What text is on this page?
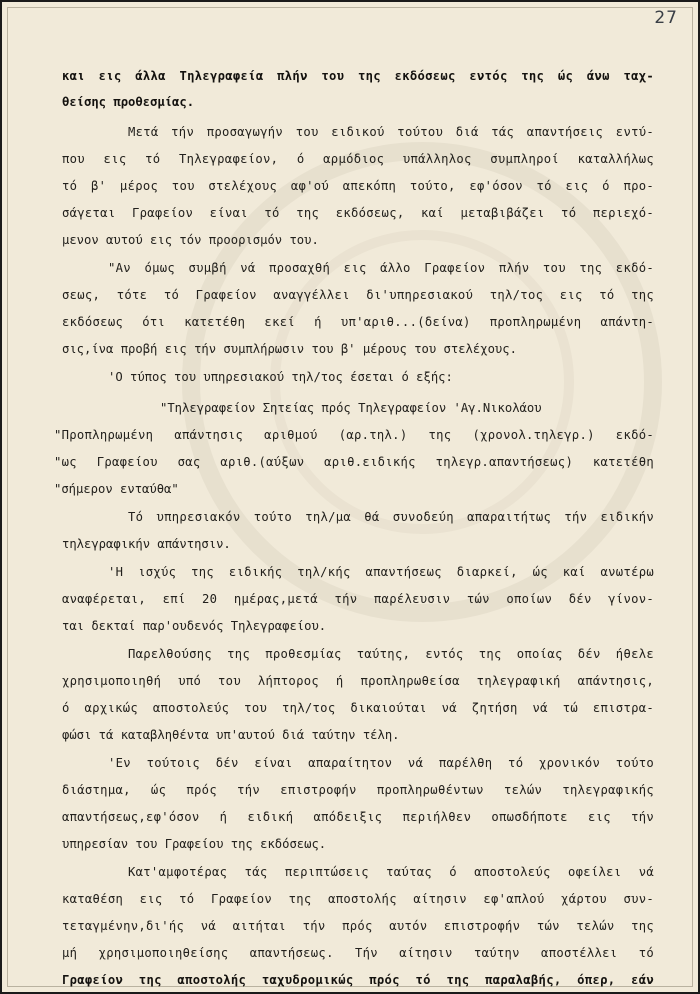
27
και εις άλλα Τηλεγραφεία πλήν του της εκδόσεως εντός της ώς άνω ταχ-
θείσης προθεσμίας.
Μετά τήν προσαγωγήν του ειδικού τούτου διά τάς απαντήσεις εντύ-
που εις τό Τηλεγραφείον, ό αρμόδιος υπάλληλος συμπληροί καταλλήλως
τό β' μέρος του στελέχους αφ'ού απεκόπη τούτο, εφ'όσον τό εις ό προ-
σάγεται Γραφείον είναι τό της εκδόσεως, καί μεταβιβάζει τό περιεχό-
μενον αυτού εις τόν προορισμόν του.
"Αν όμως συμβή νά προσαχθή εις άλλο Γραφείον πλήν του της εκδό-
σεως, τότε τό Γραφείον αναγγέλλει δι'υπηρεσιακού τηλ/τος εις τό της
εκδόσεως ότι κατετέθη εκεί ή υπ'αριθ...(δείνα) προπληρωμένη απάντη-
σις,ίνα προβή εις τήν συμπλήρωσιν του β' μέρους του στελέχους.
'Ο τύπος του υπηρεσιακού τηλ/τος έσεται ό εξής:
"Τηλεγραφείον Σητείας πρός Τηλεγραφείον 'Αγ.Νικολάου
"Προπληρωμένη απάντησις αριθμού (αρ.τηλ.) της (χρονολ.τηλεγρ.) εκδό-
"ως Γραφείου σας αριθ.(αύξων αριθ.ειδικής τηλεγρ.απαντήσεως) κατετέθη
"σήμερον ενταύθα"
Τό υπηρεσιακόν τούτο τηλ/μα θά συνοδεύη απαραιτήτως τήν ειδικήν
τηλεγραφικήν απάντησιν.
'Η ισχύς της ειδικής τηλ/κής απαντήσεως διαρκεί, ώς καί ανωτέρω
αναφέρεται, επί 20 ημέρας,μετά τήν παρέλευσιν τών οποίων δέν γίνον-
ται δεκταί παρ'ουδενός Τηλεγραφείου.
Παρελθούσης της προθεσμίας ταύτης, εντός της οποίας δέν ήθελε
χρησιμοποιηθή υπό του λήπτορος ή προπληρωθείσα τηλεγραφική απάντησις,
ό αρχικώς αποστολεύς του τηλ/τος δικαιούται νά ζητήση νά τώ επιστρα-
φώσι τά καταβληθέντα υπ'αυτού διά ταύτην τέλη.
'Εν τούτοις δέν είναι απαραίτητον νά παρέλθη τό χρονικόν τούτο
διάστημα, ώς πρός τήν επιστροφήν προπληρωθέντων τελών τηλεγραφικής
απαντήσεως,εφ'όσον ή ειδική απόδειξις περιήλθεν οπωσδήποτε εις τήν
υπηρεσίαν του Γραφείου της εκδόσεως.
Κατ'αμφοτέρας τάς περιπτώσεις ταύτας ό αποστολεύς οφείλει νά
καταθέση εις τό Γραφείον της αποστολής αίτησιν εφ'απλού χάρτου συν-
τεταγμένην,δι'ής νά αιτήται τήν πρός αυτόν επιστροφήν τών τελών της
μή χρησιμοποιηθείσης απαντήσεως. Τήν αίτησιν ταύτην αποστέλλει τό
Γραφείον της αποστολής ταχυδρομικώς πρός τό της παραλαβής, όπερ, εάν
